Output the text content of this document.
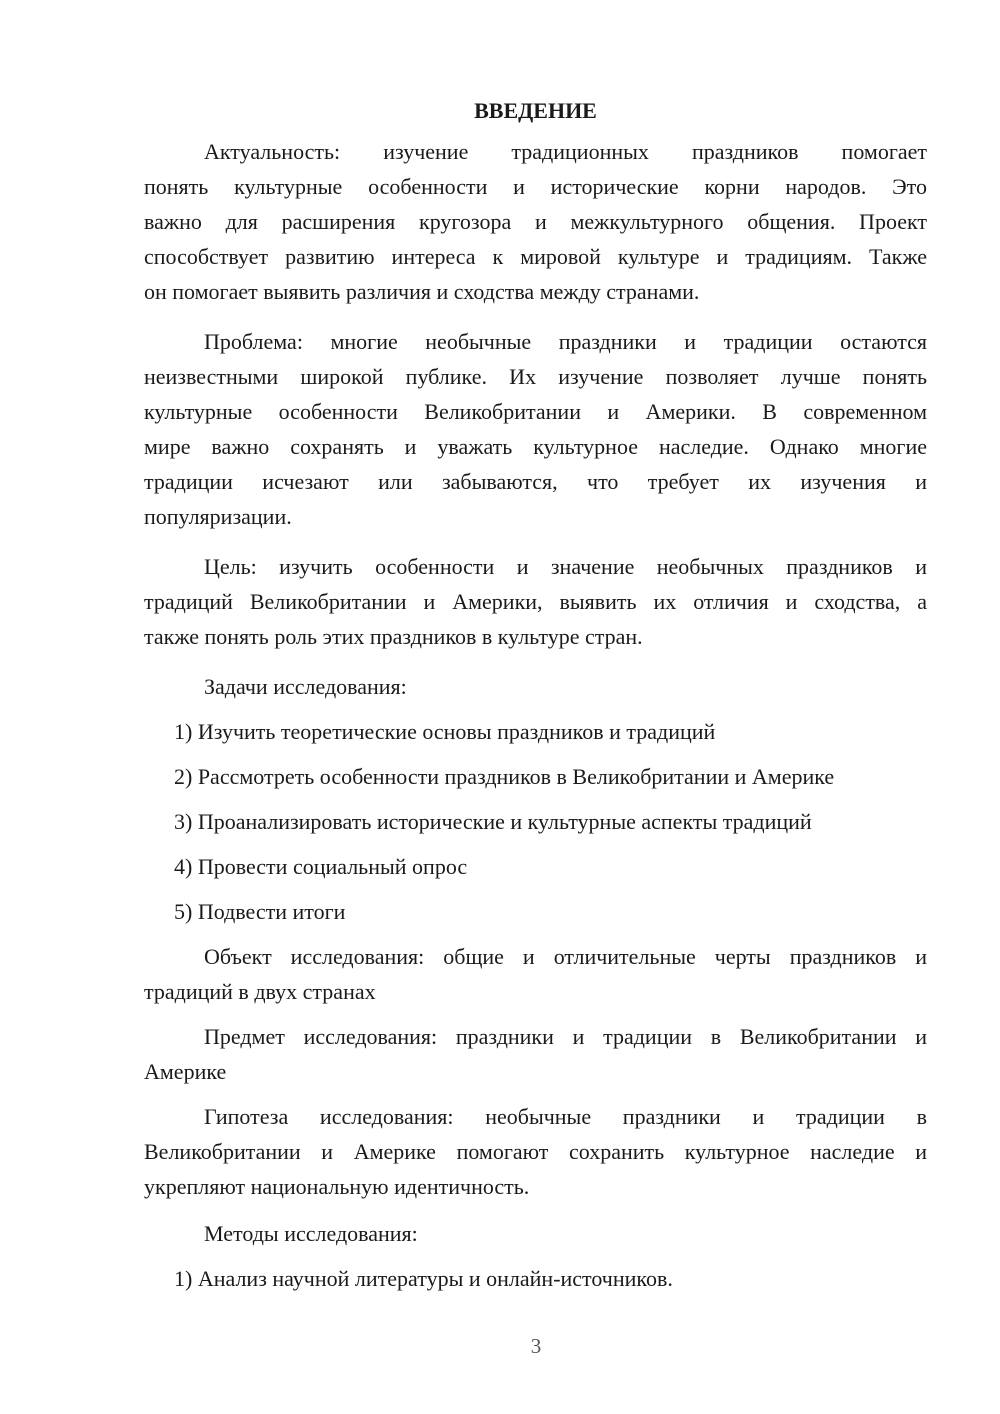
ВВЕДЕНИЕ
Актуальность: изучение традиционных праздников помогает
понять культурные особенности и исторические корни народов. Это
важно для расширения кругозора и межкультурного общения. Проект
способствует развитию интереса к мировой культуре и традициям. Также
он помогает выявить различия и сходства между странами.
Проблема: многие необычные праздники и традиции остаются
неизвестными широкой публике. Их изучение позволяет лучше понять
культурные особенности Великобритании и Америки. В современном
мире важно сохранять и уважать культурное наследие. Однако многие
традиции исчезают или забываются, что требует их изучения и
популяризации.
Цель: изучить особенности и значение необычных праздников и
традиций Великобритании и Америки, выявить их отличия и сходства, а
также понять роль этих праздников в культуре стран.
Задачи исследования:
1) Изучить теоретические основы праздников и традиций
2) Рассмотреть особенности праздников в Великобритании и Америке
3) Проанализировать исторические и культурные аспекты традиций
4) Провести социальный опрос
5) Подвести итоги
Объект исследования: общие и отличительные черты праздников и
традиций в двух странах
Предмет исследования: праздники и традиции в Великобритании и
Америке
Гипотеза исследования: необычные праздники и традиции в
Великобритании и Америке помогают сохранить культурное наследие и
укрепляют национальную идентичность.
Методы исследования:
1) Анализ научной литературы и онлайн-источников.
3
